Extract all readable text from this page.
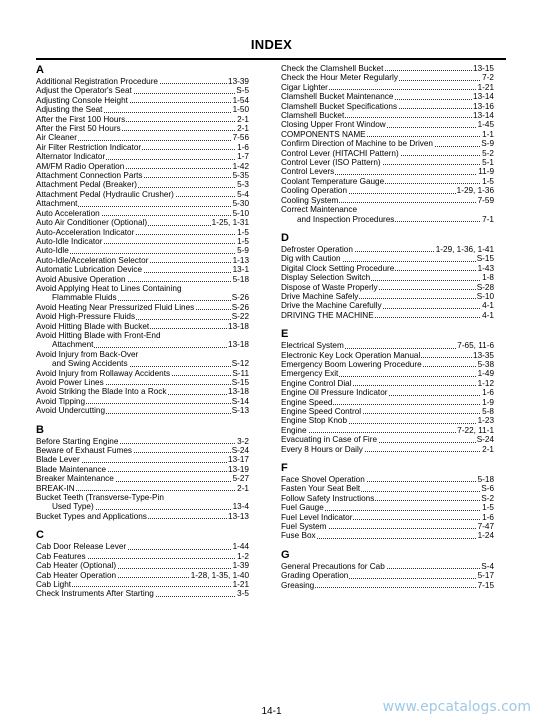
INDEX
A
Additional Registration Procedure	13-39
Adjust the Operator's Seat	S-5
Adjusting Console Height	1-54
Adjusting the Seat	1-50
After the First 100 Hours	2-1
After the First 50 Hours	2-1
Air Cleaner	7-56
Air Filter Restriction Indicator	1-6
Alternator Indicator	1-7
AM/FM Radio Operation	1-42
Attachment Connection Parts	5-35
Attachment Pedal (Breaker)	5-3
Attachment Pedal (Hydraulic Crusher)	5-4
Attachment	5-30
Auto Acceleration	5-10
Auto Air Conditioner (Optional)	1-25, 1-31
Auto-Acceleration Indicator	1-5
Auto-Idle Indicator	1-5
Auto-Idle	5-9
Auto-Idle/Acceleration Selector	1-13
Automatic Lubrication Device	13-1
Avoid Abusive Operation	5-18
Avoid Applying Heat to Lines Containing
Flammable Fluids	S-26
Avoid Heating Near Pressurized Fluid Lines	S-26
Avoid High-Pressure Fluids	S-22
Avoid Hitting Blade with Bucket	13-18
Avoid Hitting Blade with Front-End
Attachment	13-18
Avoid Injury from Back-Over
and Swing Accidents	S-12
Avoid Injury from Rollaway Accidents	S-11
Avoid Power Lines	S-15
Avoid Striking the Blade Into a Rock	13-18
Avoid Tipping	S-14
Avoid Undercutting	S-13
B
Before Starting Engine	3-2
Beware of Exhaust Fumes	S-24
Blade Lever	13-17
Blade Maintenance	13-19
Breaker Maintenance	5-27
BREAK-IN	2-1
Bucket Teeth (Transverse-Type-Pin
Used Type)	13-4
Bucket Types and Applications	13-13
C
Cab Door Release Lever	1-44
Cab Features	1-2
Cab Heater (Optional)	1-39
Cab Heater Operation	1-28, 1-35, 1-40
Cab Light	1-21
Check Instruments After Starting	3-5
Check the Clamshell Bucket	13-15
Check the Hour Meter Regularly	7-2
Cigar Lighter	1-21
Clamshell Bucket Maintenance	13-14
Clamshell Bucket Specifications	13-16
Clamshell Bucket	13-14
Closing Upper Front Window	1-45
COMPONENTS NAME	1-1
Confirm Direction of Machine to be Driven	S-9
Control Lever (HITACHI Pattern)	5-2
Control Lever (ISO Pattern)	5-1
Control Levers	11-9
Coolant Temperature Gauge	1-5
Cooling Operation	1-29, 1-36
Cooling System	7-59
Correct Maintenance
and Inspection Procedures	7-1
D
Defroster Operation	1-29, 1-36, 1-41
Dig with Caution	S-15
Digital Clock Setting Procedure	1-43
Display Selection Switch	1-8
Dispose of Waste Properly	S-28
Drive Machine Safely	S-10
Drive the Machine Carefully	4-1
DRIVING THE MACHINE	4-1
E
Electrical System	7-65, 11-6
Electronic Key Lock Operation Manual	13-35
Emergency Boom Lowering Procedure	5-38
Emergency Exit	1-49
Engine Control Dial	1-12
Engine Oil Pressure Indicator	1-6
Engine Speed	1-9
Engine Speed Control	5-8
Engine Stop Knob	1-23
Engine	7-22, 11-1
Evacuating in Case of Fire	S-24
Every 8 Hours or Daily	2-1
F
Face Shovel Operation	5-18
Fasten Your Seat Belt	S-6
Follow Safety Instructions	S-2
Fuel Gauge	1-5
Fuel Level Indicator	1-6
Fuel System	7-47
Fuse Box	1-24
G
General Precautions for Cab	S-4
Grading Operation	5-17
Greasing	7-15
14-1	www.epcatalogs.com
